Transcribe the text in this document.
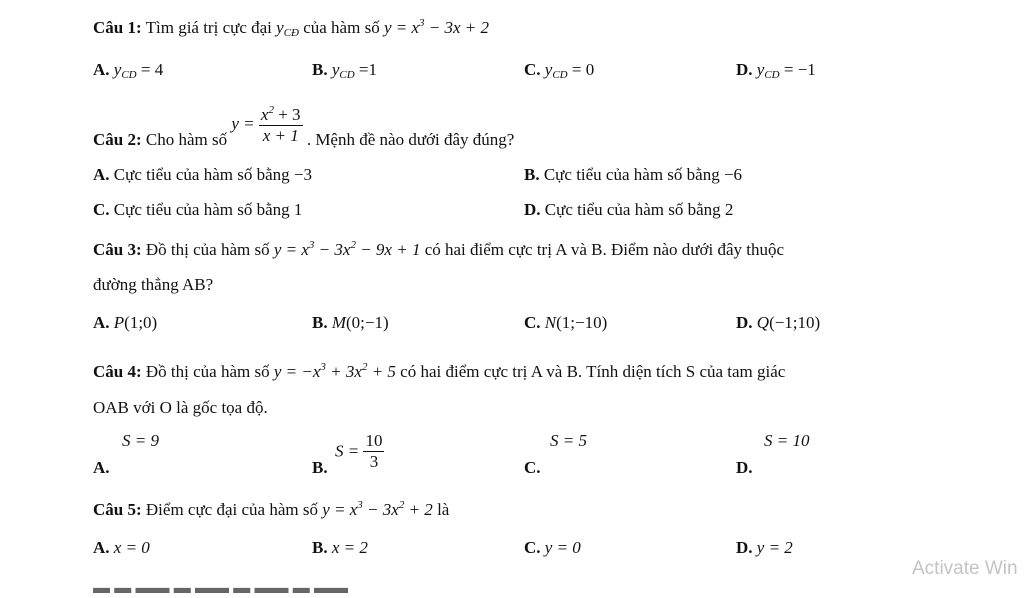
Câu 1: Tìm giá trị cực đại $y_{CĐ}$ của hàm số $y = x^3 - 3x + 2$
A. $y_{CD} = 4$	B. $y_{CD} =1$	C. $y_{CD} = 0$	D. $y_{CD} = -1$
Câu 2: Cho hàm số $y = \frac{x^2 + 3}{x + 1}$ . Mệnh đề nào dưới đây đúng?
A. Cực tiểu của hàm số bằng −3	B. Cực tiểu của hàm số bằng −6
C. Cực tiểu của hàm số bằng 1	D. Cực tiểu của hàm số bằng 2
Câu 3: Đồ thị của hàm số $y = x^3 - 3x^2 - 9x + 1$ có hai điểm cực trị A và B. Điểm nào dưới đây thuộc
đường thẳng AB?
A. P(1;0)	B. M(0;−1)	C. N(1;−10)	D. Q(−1;10)
Câu 4: Đồ thị của hàm số $y = -x^3 + 3x^2 + 5$ có hai điểm cực trị A và B. Tính diện tích S của tam giác
OAB với O là gốc tọa độ.
A.
S = 9
B.
$S = \frac{10}{3}$	C.
S = 5
D.
S = 10
Câu 5: Điểm cực đại của hàm số $y = x^3 - 3x^2 + 2$ là
A. x = 0	B. x = 2	C. y = 0	D. y = 2
▬ ▬ ▬▬ ▬ ▬▬ ▬ ▬▬ ▬ ▬▬
Activate Win
